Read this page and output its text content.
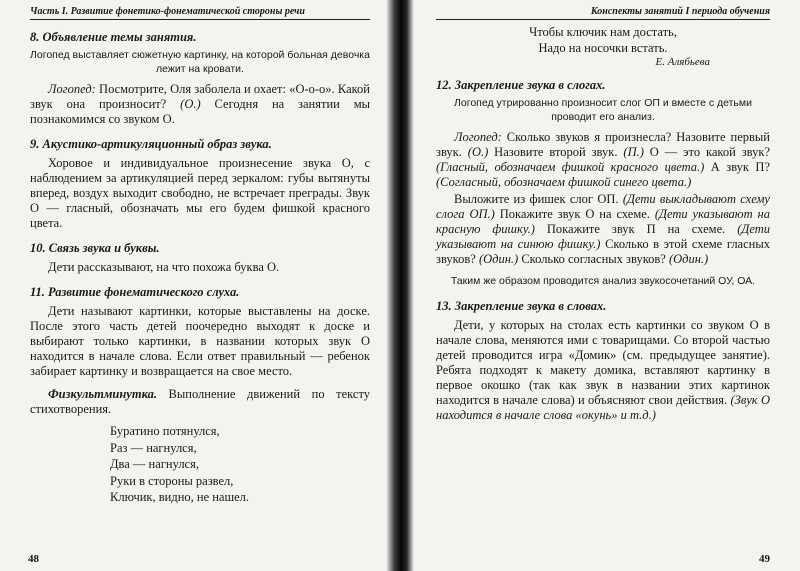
Часть I. Развитие фонетико-фонематической стороны речи
8. Объявление темы занятия.
Логопед выставляет сюжетную картинку, на которой больная девочка лежит на кровати.
Логопед: Посмотрите, Оля заболела и охает: «О-о-о». Какой звук она произносит? (О.) Сегодня на занятии мы познакомимся со звуком О.
9. Акустико-артикуляционный образ звука.
Хоровое и индивидуальное произнесение звука О, с наблюдением за артикуляцией перед зеркалом: губы вытянуты вперед, воздух выходит свободно, не встречает преграды. Звук О — гласный, обозначать мы его будем фишкой красного цвета.
10. Связь звука и буквы.
Дети рассказывают, на что похожа буква О.
11. Развитие фонематического слуха.
Дети называют картинки, которые выставлены на доске. После этого часть детей поочередно выходят к доске и выбирают только картинки, в названии которых звук О находится в начале слова. Если ответ правильный — ребенок забирает картинку и возвращается на свое место.
Физкультминутка. Выполнение движений по тексту стихотворения.
Буратино потянулся,
Раз — нагнулся,
Два — нагнулся,
Руки в стороны развел,
Ключик, видно, не нашел.
48
Конспекты занятий I периода обучения
Чтобы ключик нам достать,
Надо на носочки встать.
Е. Алябьева
12. Закрепление звука в слогах.
Логопед утрированно произносит слог ОП и вместе с детьми проводит его анализ.
Логопед: Сколько звуков я произнесла? Назовите первый звук. (О.) Назовите второй звук. (П.) О — это какой звук? (Гласный, обозначаем фишкой красного цвета.) А звук П? (Согласный, обозначаем фишкой синего цвета.)
Выложите из фишек слог ОП. (Дети выкладывают схему слога ОП.) Покажите звук О на схеме. (Дети указывают на красную фишку.) Покажите звук П на схеме. (Дети указывают на синюю фишку.) Сколько в этой схеме гласных звуков? (Один.) Сколько согласных звуков? (Один.)
Таким же образом проводится анализ звукосочетаний ОУ, ОА.
13. Закрепление звука в словах.
Дети, у которых на столах есть картинки со звуком О в начале слова, меняются ими с товарищами. Со второй частью детей проводится игра «Домик» (см. предыдущее занятие). Ребята подходят к макету домика, вставляют картинку в первое окошко (так как звук в названии этих картинок находится в начале слова) и объясняют свои действия. (Звук О находится в начале слова «окунь» и т.д.)
49
